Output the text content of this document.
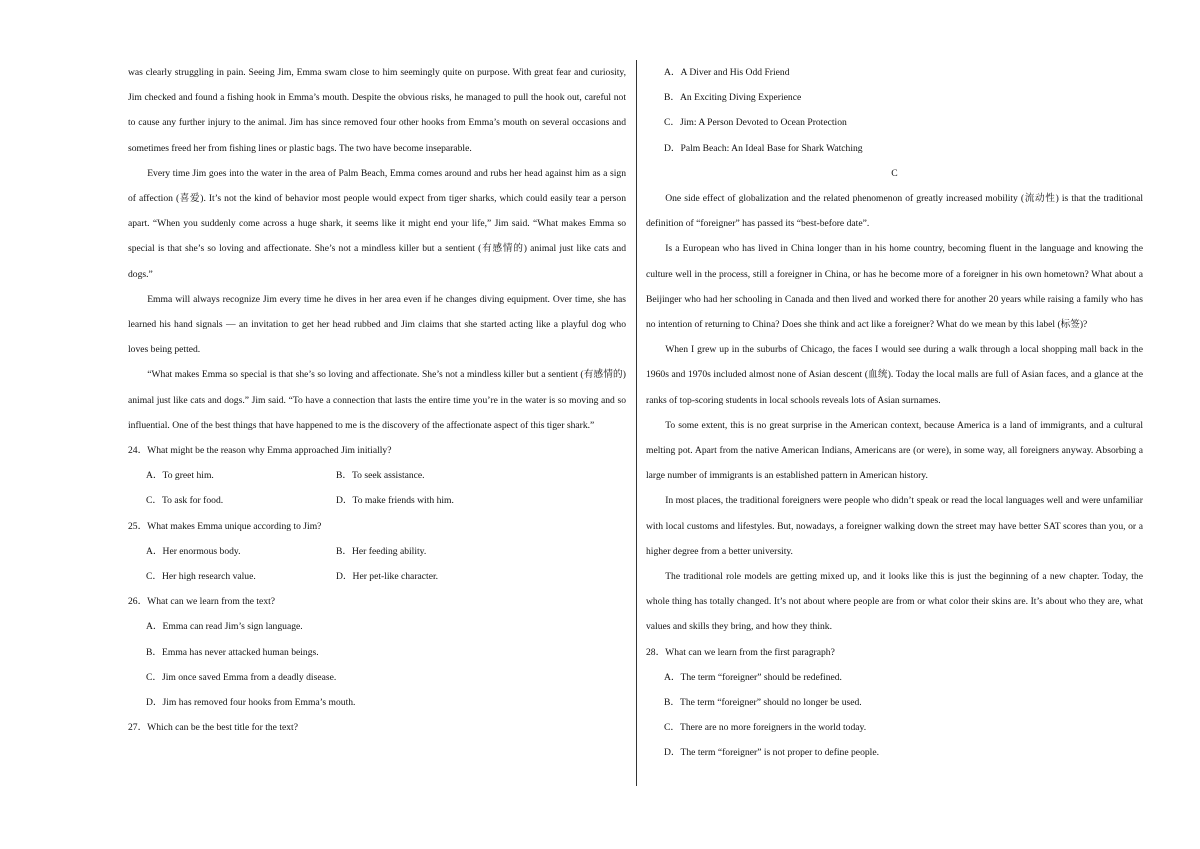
was clearly struggling in pain. Seeing Jim, Emma swam close to him seemingly quite on purpose. With great fear and curiosity, Jim checked and found a fishing hook in Emma’s mouth. Despite the obvious risks, he managed to pull the hook out, careful not to cause any further injury to the animal. Jim has since removed four other hooks from Emma’s mouth on several occasions and sometimes freed her from fishing lines or plastic bags. The two have become inseparable.

Every time Jim goes into the water in the area of Palm Beach, Emma comes around and rubs her head against him as a sign of affection (喜爱). It’s not the kind of behavior most people would expect from tiger sharks, which could easily tear a person apart. “When you suddenly come across a huge shark, it seems like it might end your life,” Jim said. “What makes Emma so special is that she’s so loving and affectionate. She’s not a mindless killer but a sentient (有感情的) animal just like cats and dogs.”

Emma will always recognize Jim every time he dives in her area even if he changes diving equipment. Over time, she has learned his hand signals — an invitation to get her head rubbed and Jim claims that she started acting like a playful dog who loves being petted.

“What makes Emma so special is that she’s so loving and affectionate. She’s not a mindless killer but a sentient (有感情的) animal just like cats and dogs.” Jim said. “To have a connection that lasts the entire time you’re in the water is so moving and so influential. One of the best things that have happened to me is the discovery of the affectionate aspect of this tiger shark.”

24．What might be the reason why Emma approached Jim initially?

A．To greet him.	B．To seek assistance.
C．To ask for food.	D．To make friends with him.

25．What makes Emma unique according to Jim?

A．Her enormous body.	B．Her feeding ability.
C．Her high research value.	D．Her pet-like character.

26．What can we learn from the text?

A．Emma can read Jim’s sign language.

B．Emma has never attacked human beings.

C．Jim once saved Emma from a deadly disease.

D．Jim has removed four hooks from Emma’s mouth.

27．Which can be the best title for the text?

A．A Diver and His Odd Friend

B．An Exciting Diving Experience

C．Jim: A Person Devoted to Ocean Protection

D．Palm Beach: An Ideal Base for Shark Watching

C

One side effect of globalization and the related phenomenon of greatly increased mobility (流动性) is that the traditional definition of “foreigner” has passed its “best-before date”.

Is a European who has lived in China longer than in his home country, becoming fluent in the language and knowing the culture well in the process, still a foreigner in China, or has he become more of a foreigner in his own hometown? What about a Beijinger who had her schooling in Canada and then lived and worked there for another 20 years while raising a family who has no intention of returning to China? Does she think and act like a foreigner? What do we mean by this label (标签)?

When I grew up in the suburbs of Chicago, the faces I would see during a walk through a local shopping mall back in the 1960s and 1970s included almost none of Asian descent (血统). Today the local malls are full of Asian faces, and a glance at the ranks of top-scoring students in local schools reveals lots of Asian surnames.

To some extent, this is no great surprise in the American context, because America is a land of immigrants, and a cultural melting pot. Apart from the native American Indians, Americans are (or were), in some way, all foreigners anyway. Absorbing a large number of immigrants is an established pattern in American history.

In most places, the traditional foreigners were people who didn’t speak or read the local languages well and were unfamiliar with local customs and lifestyles. But, nowadays, a foreigner walking down the street may have better SAT scores than you, or a higher degree from a better university.

The traditional role models are getting mixed up, and it looks like this is just the beginning of a new chapter. Today, the whole thing has totally changed. It’s not about where people are from or what color their skins are. It’s about who they are, what values and skills they bring, and how they think.

28．What can we learn from the first paragraph?

A．The term “foreigner” should be redefined.

B．The term “foreigner” should no longer be used.

C．There are no more foreigners in the world today.

D．The term “foreigner” is not proper to define people.
